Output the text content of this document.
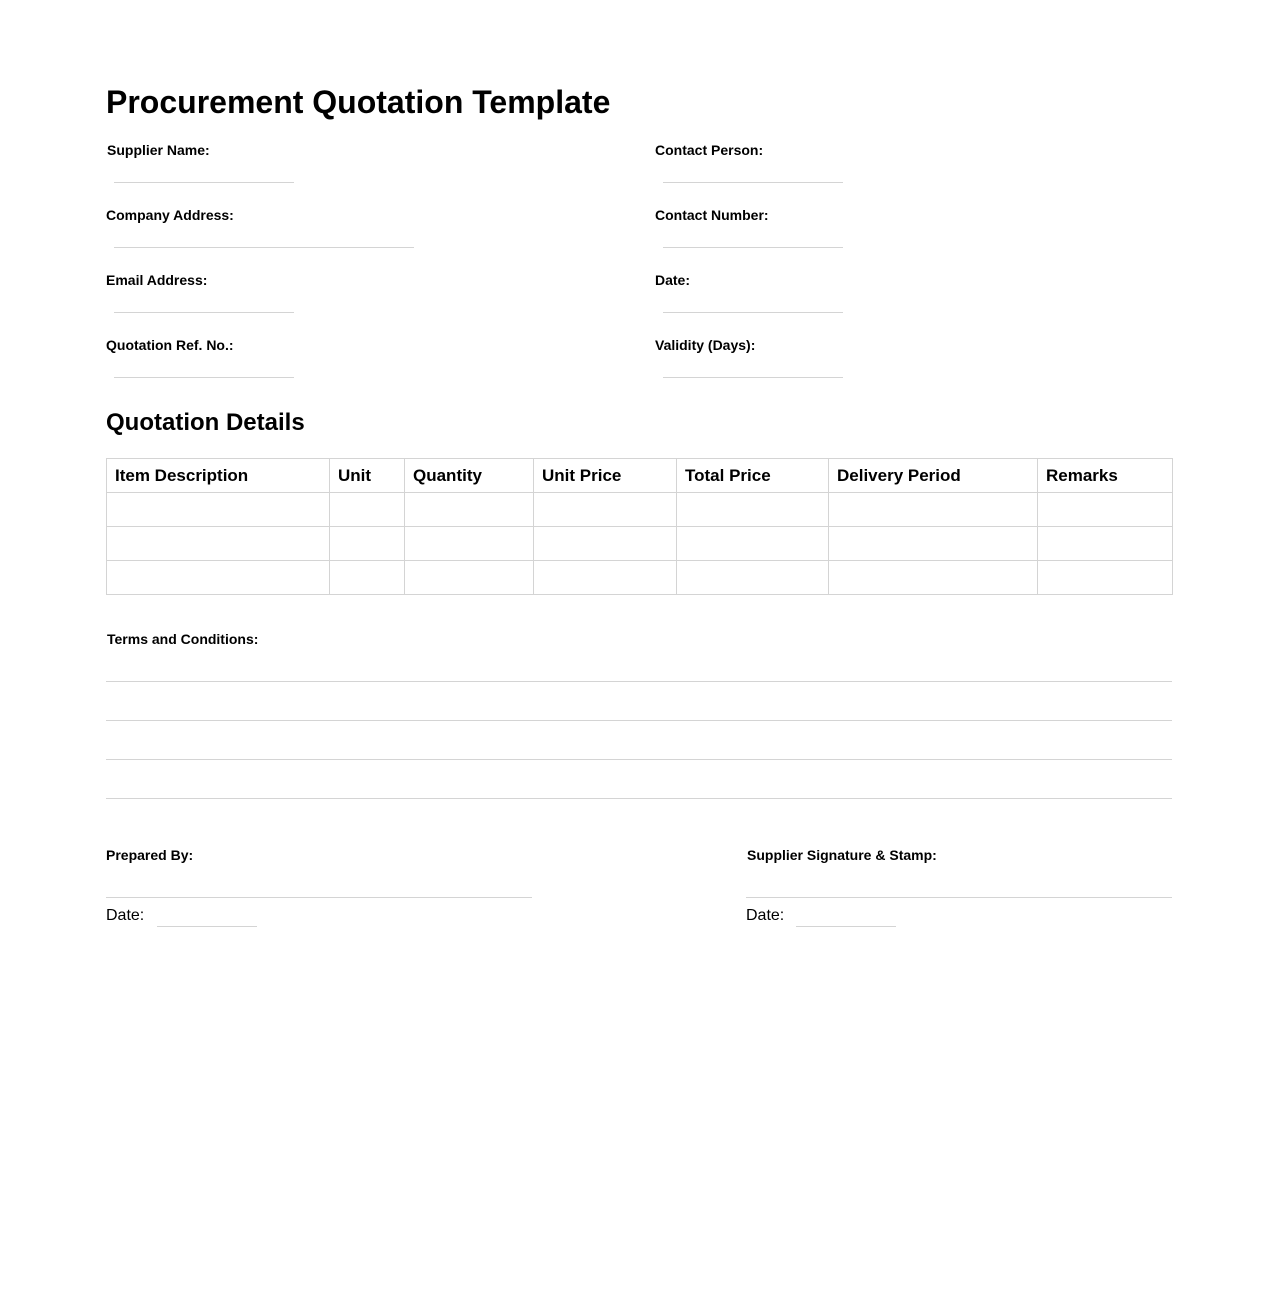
Procurement Quotation Template
Supplier Name:
Company Address:
Email Address:
Quotation Ref. No.:
Contact Person:
Contact Number:
Date:
Validity (Days):
Quotation Details
Item Description	Unit	Quantity	Unit Price	Total Price	Delivery Period	Remarks

Terms and Conditions:
Prepared By:
Date:
Supplier Signature & Stamp:
Date:
